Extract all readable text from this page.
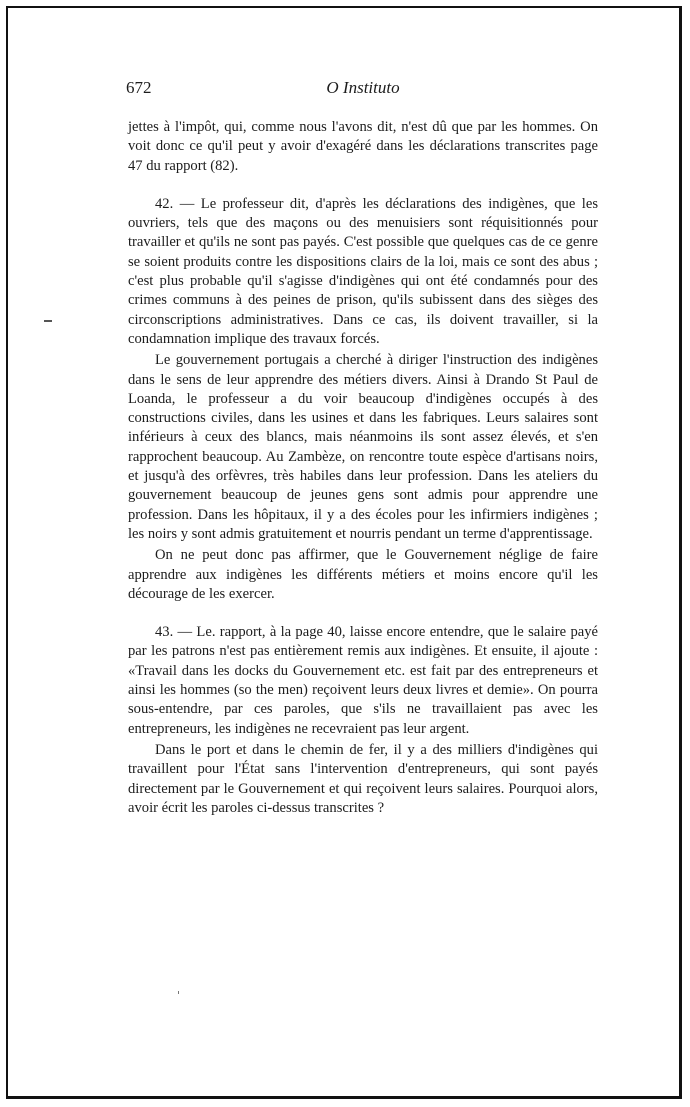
672	O Instituto

jettes à l'impôt, qui, comme nous l'avons dit, n'est dû que par les hommes. On voit donc ce qu'il peut y avoir d'exagéré dans les déclarations transcrites page 47 du rapport (82).

42. — Le professeur dit, d'après les déclarations des indigènes, que les ouvriers, tels que des maçons ou des menuisiers sont réquisitionnés pour travailler et qu'ils ne sont pas payés. C'est possible que quelques cas de ce genre se soient produits contre les dispositions clairs de la loi, mais ce sont des abus ; c'est plus probable qu'il s'agisse d'indigènes qui ont été condamnés pour des crimes communs à des peines de prison, qu'ils subissent dans des sièges des circonscriptions administratives. Dans ce cas, ils doivent travailler, si la condamnation implique des travaux forcés.

Le gouvernement portugais a cherché à diriger l'instruction des indigènes dans le sens de leur apprendre des métiers divers. Ainsi à Drando St Paul de Loanda, le professeur a du voir beaucoup d'indigènes occupés à des constructions civiles, dans les usines et dans les fabriques. Leurs salaires sont inférieurs à ceux des blancs, mais néanmoins ils sont assez élevés, et s'en rapprochent beaucoup. Au Zambèze, on rencontre toute espèce d'artisans noirs, et jusqu'à des orfèvres, très habiles dans leur profession. Dans les ateliers du gouvernement beaucoup de jeunes gens sont admis pour apprendre une profession. Dans les hôpitaux, il y a des écoles pour les infirmiers indigènes ; les noirs y sont admis gratuitement et nourris pendant un terme d'apprentissage.

On ne peut donc pas affirmer, que le Gouvernement néglige de faire apprendre aux indigènes les différents métiers et moins encore qu'il les décourage de les exercer.

43. — Le. rapport, à la page 40, laisse encore entendre, que le salaire payé par les patrons n'est pas entièrement remis aux indigènes. Et ensuite, il ajoute : «Travail dans les docks du Gouvernement etc. est fait par des entrepreneurs et ainsi les hommes (so the men) reçoivent leurs deux livres et demie». On pourra sous-entendre, par ces paroles, que s'ils ne travaillaient pas avec les entrepreneurs, les indigènes ne recevraient pas leur argent.

Dans le port et dans le chemin de fer, il y a des milliers d'indigènes qui travaillent pour l'État sans l'intervention d'entrepreneurs, qui sont payés directement par le Gouvernement et qui reçoivent leurs salaires. Pourquoi alors, avoir écrit les paroles ci-dessus transcrites ?
